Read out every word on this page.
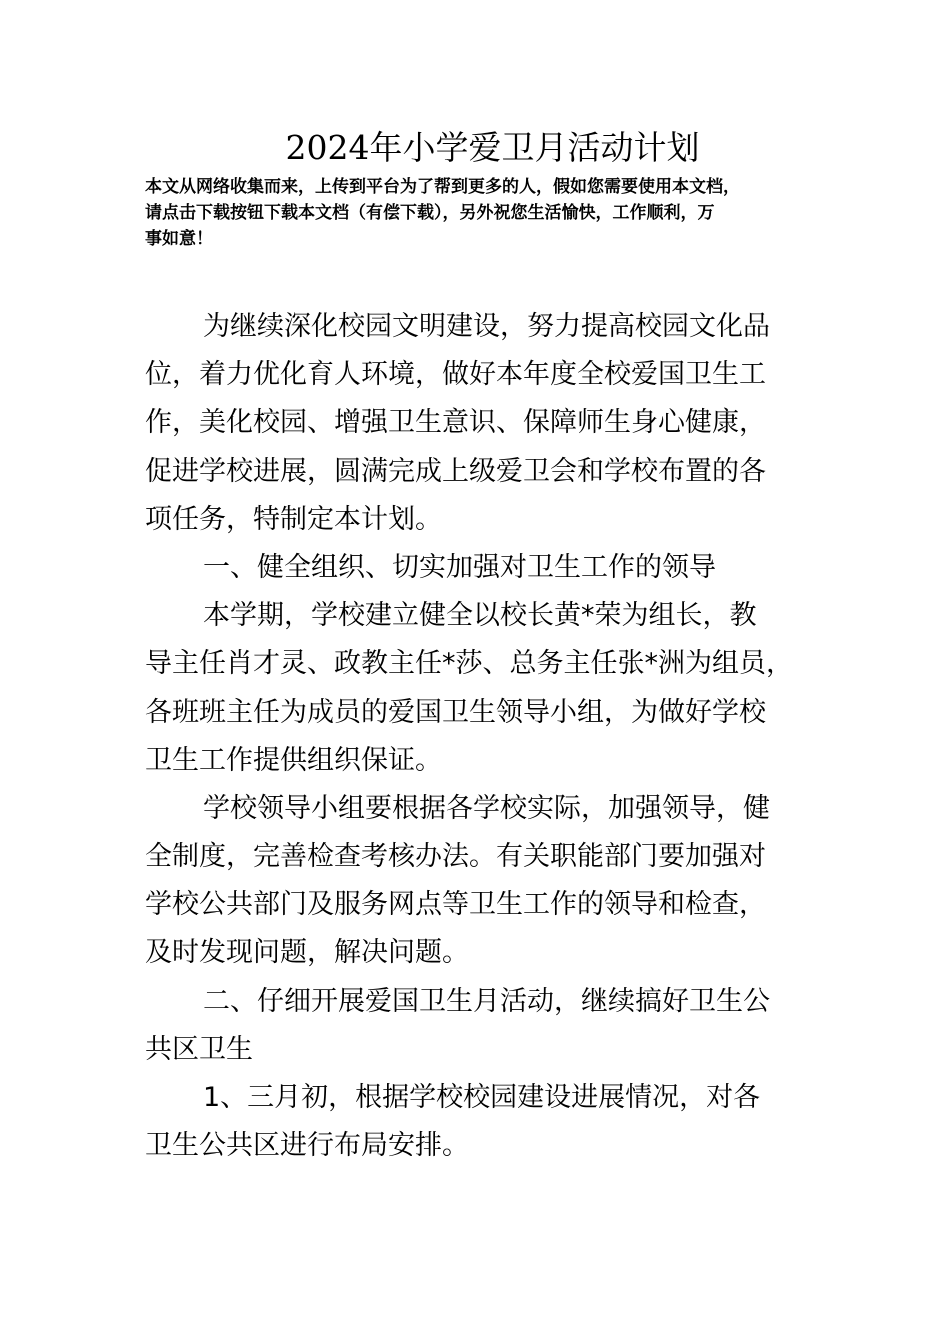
2024年小学爱卫月活动计划
本文从网络收集而来，上传到平台为了帮到更多的人，假如您需要使用本文档，
请点击下载按钮下载本文档（有偿下载），另外祝您生活愉快，工作顺利，万
事如意！
为继续深化校园文明建设，努力提高校园文化品
位，着力优化育人环境，做好本年度全校爱国卫生工
作，美化校园、增强卫生意识、保障师生身心健康，
促进学校进展，圆满完成上级爱卫会和学校布置的各
项任务，特制定本计划。
一、健全组织、切实加强对卫生工作的领导
本学期，学校建立健全以校长黄*荣为组长，教
导主任肖才灵、政教主任*莎、总务主任张*洲为组员，
各班班主任为成员的爱国卫生领导小组，为做好学校
卫生工作提供组织保证。
学校领导小组要根据各学校实际，加强领导，健
全制度，完善检查考核办法。有关职能部门要加强对
学校公共部门及服务网点等卫生工作的领导和检查，
及时发现问题，解决问题。
二、仔细开展爱国卫生月活动，继续搞好卫生公
共区卫生
1、三月初，根据学校校园建设进展情况，对各
卫生公共区进行布局安排。
